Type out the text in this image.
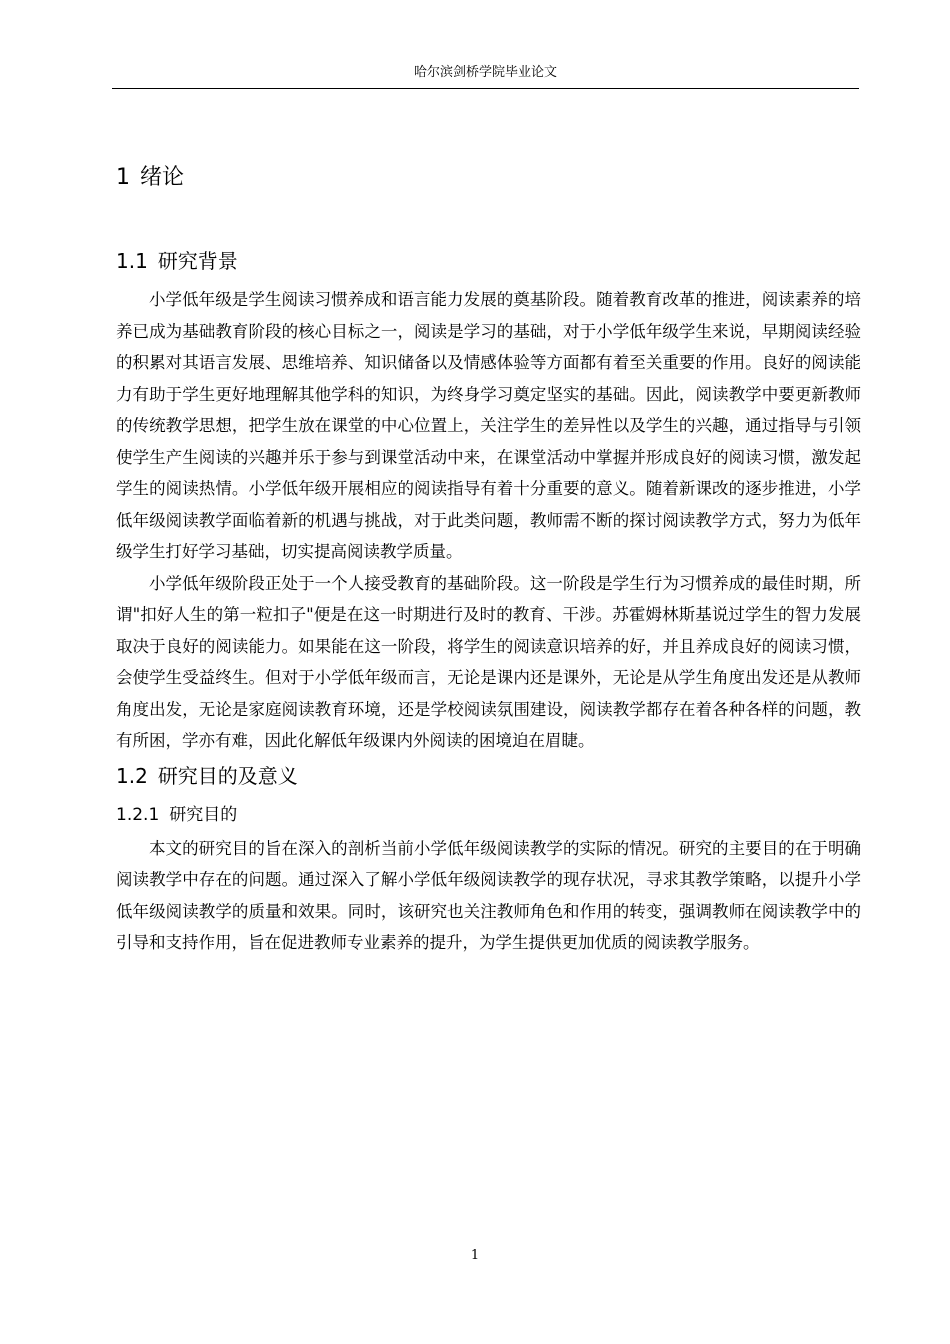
哈尔滨剑桥学院毕业论文
1 绪论
1.1 研究背景

小学低年级是学生阅读习惯养成和语言能力发展的奠基阶段。随着教育改革的推进，阅读素养的培养已成为基础教育阶段的核心目标之一，阅读是学习的基础，对于小学低年级学生来说，早期阅读经验的积累对其语言发展、思维培养、知识储备以及情感体验等方面都有着至关重要的作用。良好的阅读能力有助于学生更好地理解其他学科的知识，为终身学习奠定坚实的基础。因此，阅读教学中要更新教师的传统教学思想，把学生放在课堂的中心位置上，关注学生的差异性以及学生的兴趣，通过指导与引领使学生产生阅读的兴趣并乐于参与到课堂活动中来，在课堂活动中掌握并形成良好的阅读习惯，激发起学生的阅读热情。小学低年级开展相应的阅读指导有着十分重要的意义。随着新课改的逐步推进，小学低年级阅读教学面临着新的机遇与挑战，对于此类问题，教师需不断的探讨阅读教学方式，努力为低年级学生打好学习基础，切实提高阅读教学质量。

小学低年级阶段正处于一个人接受教育的基础阶段。这一阶段是学生行为习惯养成的最佳时期，所谓"扣好人生的第一粒扣子"便是在这一时期进行及时的教育、干涉。苏霍姆林斯基说过学生的智力发展取决于良好的阅读能力。如果能在这一阶段，将学生的阅读意识培养的好，并且养成良好的阅读习惯，会使学生受益终生。但对于小学低年级而言，无论是课内还是课外，无论是从学生角度出发还是从教师角度出发，无论是家庭阅读教育环境，还是学校阅读氛围建设，阅读教学都存在着各种各样的问题，教有所困，学亦有难，因此化解低年级课内外阅读的困境迫在眉睫。

1.2 研究目的及意义
1.2.1 研究目的

本文的研究目的旨在深入的剖析当前小学低年级阅读教学的实际的情况。研究的主要目的在于明确阅读教学中存在的问题。通过深入了解小学低年级阅读教学的现存状况，寻求其教学策略，以提升小学低年级阅读教学的质量和效果。同时，该研究也关注教师角色和作用的转变，强调教师在阅读教学中的引导和支持作用，旨在促进教师专业素养的提升，为学生提供更加优质的阅读教学服务。

1
